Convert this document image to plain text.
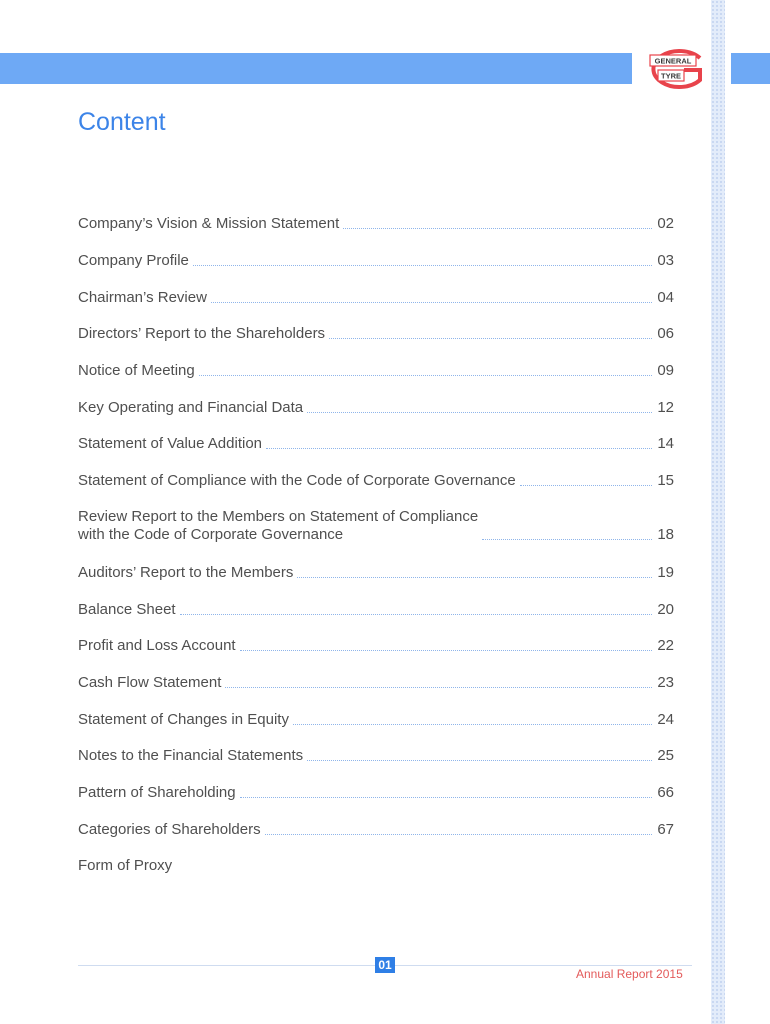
GENERAL
TYRE
Content
Company’s Vision & Mission Statement	02
Company Profile	03
Chairman’s Review	04
Directors’ Report to the Shareholders	06
Notice of Meeting	09
Key Operating and Financial Data	12
Statement of Value Addition	14
Statement of Compliance with the Code of Corporate Governance	15
Review Report to the Members on Statement of Compliance
with the Code of Corporate Governance	18
Auditors’ Report to the Members	19
Balance Sheet	20
Profit and Loss Account	22
Cash Flow Statement	23
Statement of Changes in Equity	24
Notes to the Financial Statements	25
Pattern of Shareholding	66
Categories of Shareholders	67
Form of Proxy
01
Annual Report 2015
